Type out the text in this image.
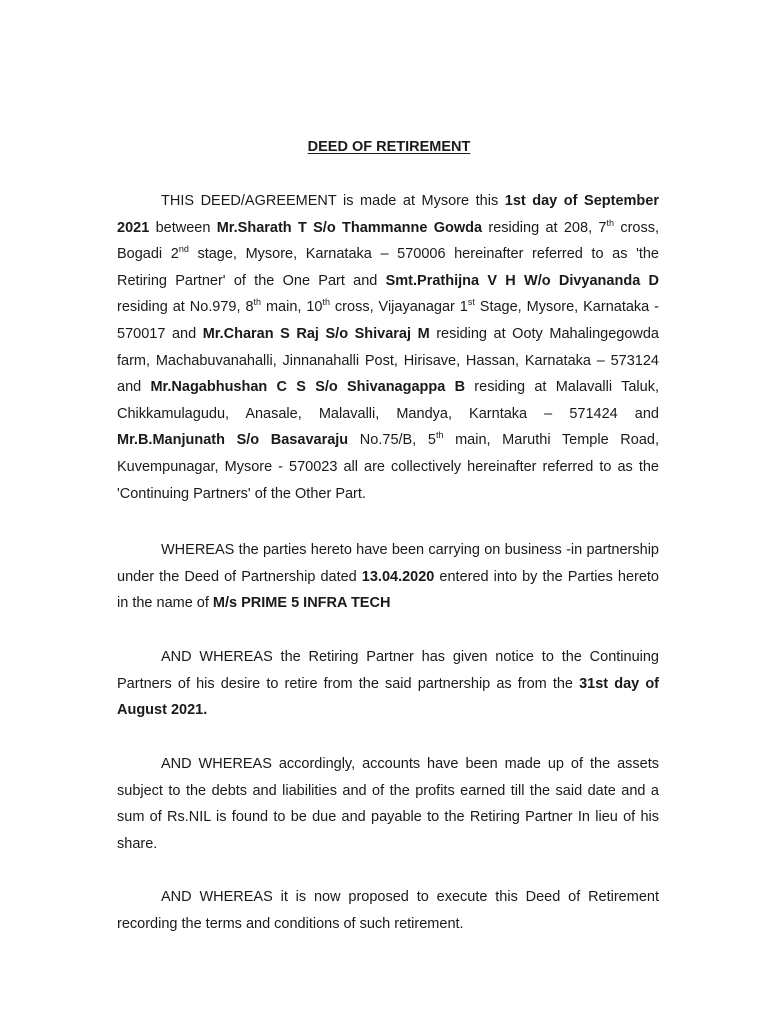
DEED OF RETIREMENT

THIS DEED/AGREEMENT is made at Mysore this 1st day of September 2021 between Mr.Sharath T S/o Thammanne Gowda residing at 208, 7th cross, Bogadi 2nd stage, Mysore, Karnataka – 570006 hereinafter referred to as 'the Retiring Partner' of the One Part and Smt.Prathijna V H W/o Divyananda D residing at No.979, 8th main, 10th cross, Vijayanagar 1st Stage, Mysore, Karnataka - 570017 and Mr.Charan S Raj S/o Shivaraj M residing at Ooty Mahalingegowda farm, Machabuvanahalli, Jinnanahalli Post, Hirisave, Hassan, Karnataka – 573124 and Mr.Nagabhushan C S S/o Shivanagappa B residing at Malavalli Taluk, Chikkamulagudu, Anasale, Malavalli, Mandya, Karntaka – 571424 and Mr.B.Manjunath S/o Basavaraju No.75/B, 5th main, Maruthi Temple Road, Kuvempunagar, Mysore - 570023 all are collectively hereinafter referred to as the 'Continuing Partners' of the Other Part.

WHEREAS the parties hereto have been carrying on business -in partnership under the Deed of Partnership dated 13.04.2020 entered into by the Parties hereto in the name of M/s PRIME 5 INFRA TECH

AND WHEREAS the Retiring Partner has given notice to the Continuing Partners of his desire to retire from the said partnership as from the 31st day of August 2021.

AND WHEREAS accordingly, accounts have been made up of the assets subject to the debts and liabilities and of the profits earned till the said date and a sum of Rs.NIL is found to be due and payable to the Retiring Partner In lieu of his share.

AND WHEREAS it is now proposed to execute this Deed of Retirement recording the terms and conditions of such retirement.
